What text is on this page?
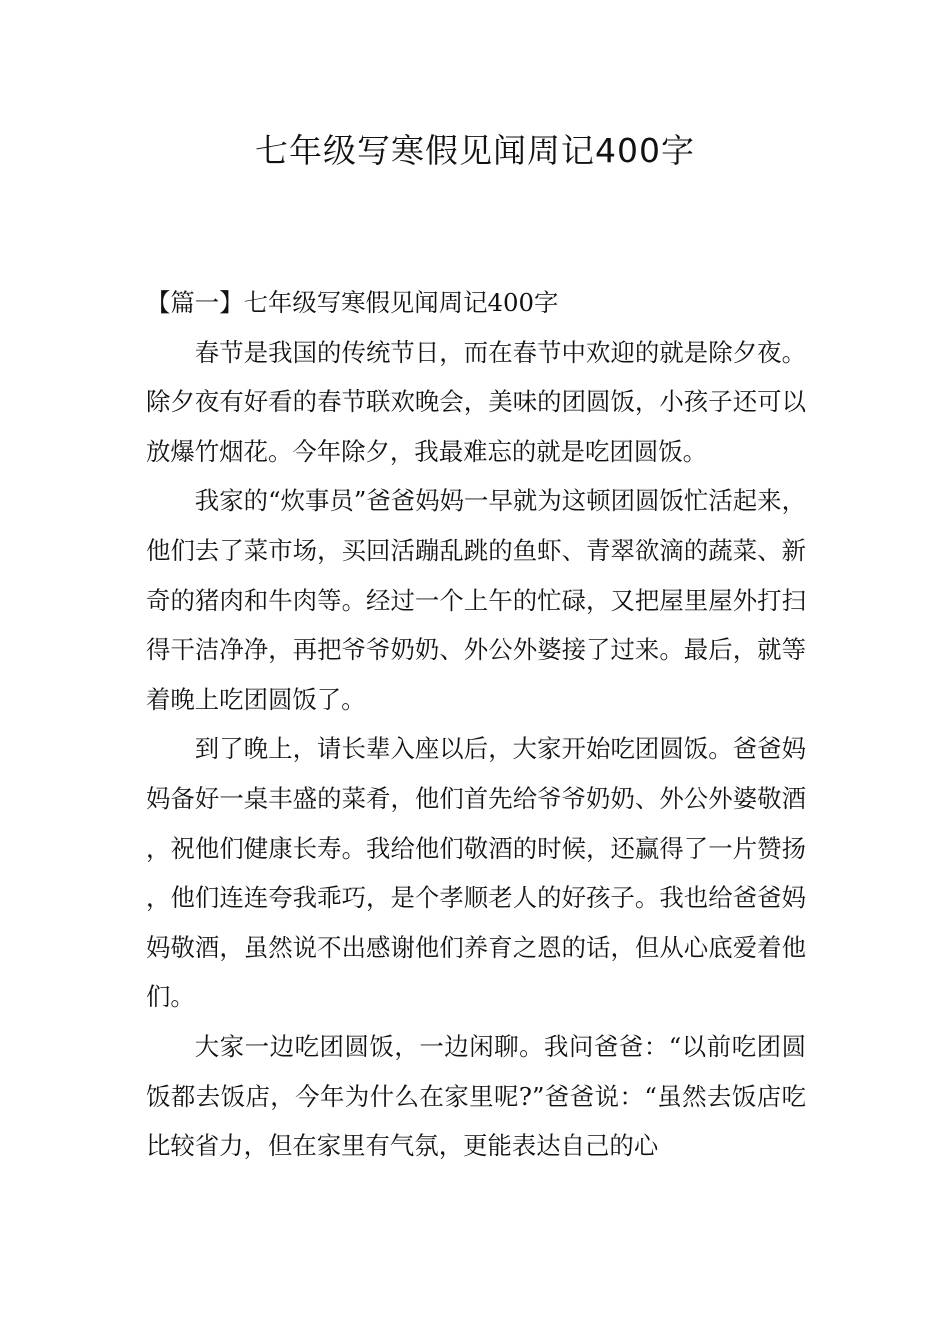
七年级写寒假见闻周记400字

【篇一】七年级写寒假见闻周记400字

春节是我国的传统节日，而在春节中欢迎的就是除夕夜。除夕夜有好看的春节联欢晚会，美味的团圆饭，小孩子还可以放爆竹烟花。今年除夕，我最难忘的就是吃团圆饭。

我家的“炊事员”爸爸妈妈一早就为这顿团圆饭忙活起来，他们去了菜市场，买回活蹦乱跳的鱼虾、青翠欲滴的蔬菜、新奇的猪肉和牛肉等。经过一个上午的忙碌，又把屋里屋外打扫得干洁净净，再把爷爷奶奶、外公外婆接了过来。最后，就等着晚上吃团圆饭了。

到了晚上，请长辈入座以后，大家开始吃团圆饭。爸爸妈妈备好一桌丰盛的菜肴，他们首先给爷爷奶奶、外公外婆敬酒，祝他们健康长寿。我给他们敬酒的时候，还赢得了一片赞扬，他们连连夸我乖巧，是个孝顺老人的好孩子。我也给爸爸妈妈敬酒，虽然说不出感谢他们养育之恩的话，但从心底爱着他们。

大家一边吃团圆饭，一边闲聊。我问爸爸：“以前吃团圆饭都去饭店，今年为什么在家里呢?”爸爸说：“虽然去饭店吃比较省力，但在家里有气氛，更能表达自己的心
